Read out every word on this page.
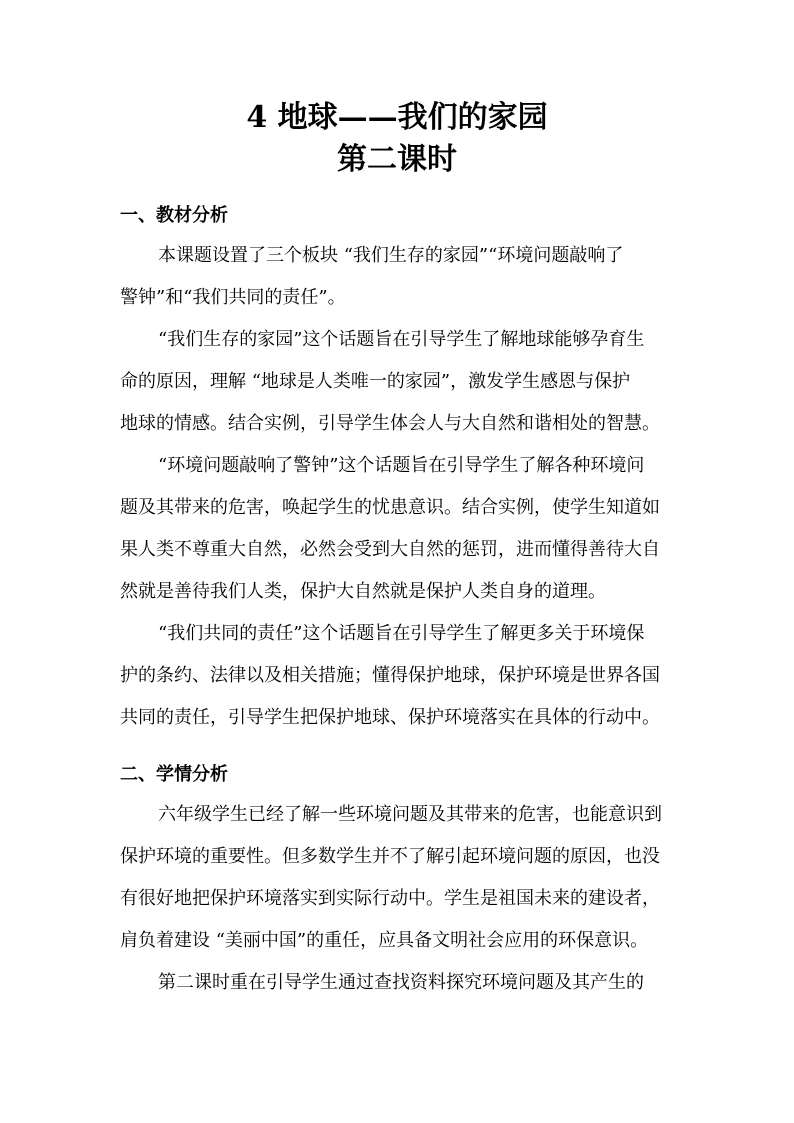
4 地球——我们的家园
第二课时
一、教材分析

本课题设置了三个板块 “我们生存的家园”“环境问题敲响了

警钟”和“我们共同的责任”。

“我们生存的家园”这个话题旨在引导学生了解地球能够孕育生

命的原因，理解 “地球是人类唯一的家园”，激发学生感恩与保护

地球的情感。结合实例，引导学生体会人与大自然和谐相处的智慧。

“环境问题敲响了警钟”这个话题旨在引导学生了解各种环境问

题及其带来的危害，唤起学生的忧患意识。结合实例，使学生知道如

果人类不尊重大自然，必然会受到大自然的惩罚，进而懂得善待大自

然就是善待我们人类，保护大自然就是保护人类自身的道理。

“我们共同的责任”这个话题旨在引导学生了解更多关于环境保

护的条约、法律以及相关措施；懂得保护地球，保护环境是世界各国

共同的责任，引导学生把保护地球、保护环境落实在具体的行动中。

二、学情分析

六年级学生已经了解一些环境问题及其带来的危害，也能意识到

保护环境的重要性。但多数学生并不了解引起环境问题的原因，也没

有很好地把保护环境落实到实际行动中。学生是祖国未来的建设者，

肩负着建设 “美丽中国”的重任，应具备文明社会应用的环保意识。

第二课时重在引导学生通过查找资料探究环境问题及其产生的
